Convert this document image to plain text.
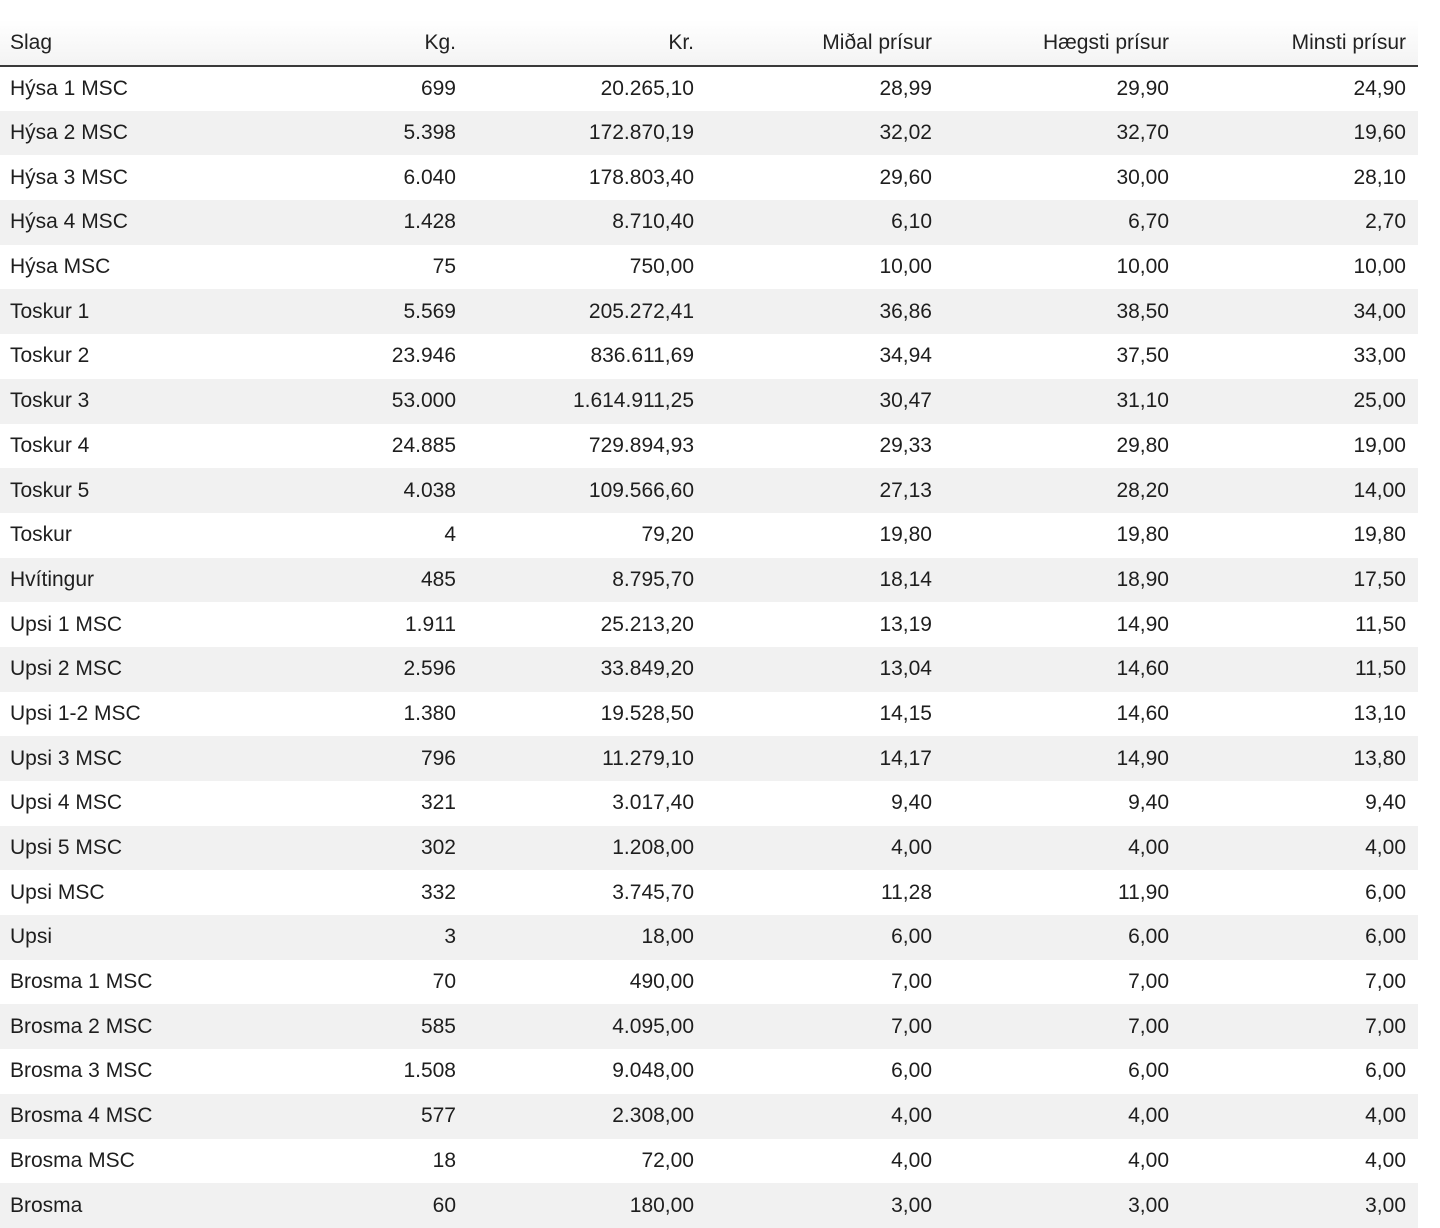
Slag	Kg.	Kr.	Miðal prísur	Hægsti prísur	Minsti prísur
Hýsa 1 MSC	699	20.265,10	28,99	29,90	24,90
Hýsa 2 MSC	5.398	172.870,19	32,02	32,70	19,60
Hýsa 3 MSC	6.040	178.803,40	29,60	30,00	28,10
Hýsa 4 MSC	1.428	8.710,40	6,10	6,70	2,70
Hýsa MSC	75	750,00	10,00	10,00	10,00
Toskur 1	5.569	205.272,41	36,86	38,50	34,00
Toskur 2	23.946	836.611,69	34,94	37,50	33,00
Toskur 3	53.000	1.614.911,25	30,47	31,10	25,00
Toskur 4	24.885	729.894,93	29,33	29,80	19,00
Toskur 5	4.038	109.566,60	27,13	28,20	14,00
Toskur	4	79,20	19,80	19,80	19,80
Hvítingur	485	8.795,70	18,14	18,90	17,50
Upsi 1 MSC	1.911	25.213,20	13,19	14,90	11,50
Upsi 2 MSC	2.596	33.849,20	13,04	14,60	11,50
Upsi 1-2 MSC	1.380	19.528,50	14,15	14,60	13,10
Upsi 3 MSC	796	11.279,10	14,17	14,90	13,80
Upsi 4 MSC	321	3.017,40	9,40	9,40	9,40
Upsi 5 MSC	302	1.208,00	4,00	4,00	4,00
Upsi MSC	332	3.745,70	11,28	11,90	6,00
Upsi	3	18,00	6,00	6,00	6,00
Brosma 1 MSC	70	490,00	7,00	7,00	7,00
Brosma 2 MSC	585	4.095,00	7,00	7,00	7,00
Brosma 3 MSC	1.508	9.048,00	6,00	6,00	6,00
Brosma 4 MSC	577	2.308,00	4,00	4,00	4,00
Brosma MSC	18	72,00	4,00	4,00	4,00
Brosma	60	180,00	3,00	3,00	3,00
